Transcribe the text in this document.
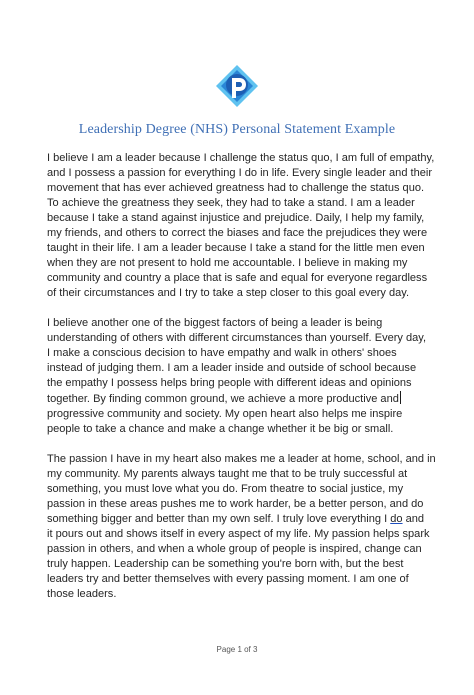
Leadership Degree (NHS) Personal Statement Example
I believe I am a leader because I challenge the status quo, I am full of empathy,
and I possess a passion for everything I do in life. Every single leader and their
movement that has ever achieved greatness had to challenge the status quo.
To achieve the greatness they seek, they had to take a stand. I am a leader
because I take a stand against injustice and prejudice. Daily, I help my family,
my friends, and others to correct the biases and face the prejudices they were
taught in their life. I am a leader because I take a stand for the little men even
when they are not present to hold me accountable. I believe in making my
community and country a place that is safe and equal for everyone regardless
of their circumstances and I try to take a step closer to this goal every day.
I believe another one of the biggest factors of being a leader is being
understanding of others with different circumstances than yourself. Every day,
I make a conscious decision to have empathy and walk in others' shoes
instead of judging them. I am a leader inside and outside of school because
the empathy I possess helps bring people with different ideas and opinions
together. By finding common ground, we achieve a more productive and
progressive community and society. My open heart also helps me inspire
people to take a chance and make a change whether it be big or small.
The passion I have in my heart also makes me a leader at home, school, and in
my community. My parents always taught me that to be truly successful at
something, you must love what you do. From theatre to social justice, my
passion in these areas pushes me to work harder, be a better person, and do
something bigger and better than my own self. I truly love everything I do and
it pours out and shows itself in every aspect of my life. My passion helps spark
passion in others, and when a whole group of people is inspired, change can
truly happen. Leadership can be something you're born with, but the best
leaders try and better themselves with every passing moment. I am one of
those leaders.
Page 1 of 3
